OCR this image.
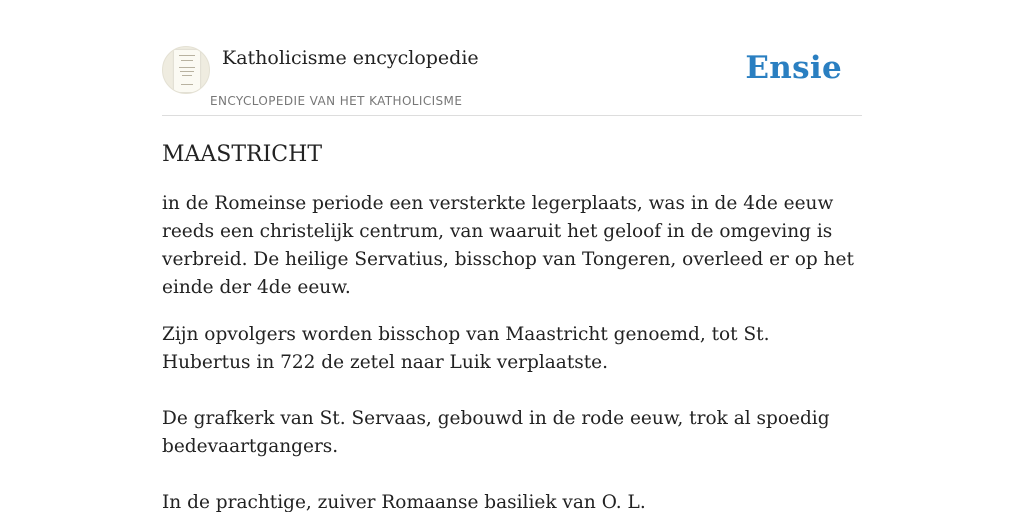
Katholicisme encyclopedie
ENCYCLOPEDIE VAN HET KATHOLICISME
Ensie
MAASTRICHT

in de Romeinse periode een versterkte legerplaats, was in de 4de eeuw reeds een christelijk centrum, van waaruit het geloof in de omgeving is verbreid. De heilige Servatius, bisschop van Tongeren, overleed er op het einde der 4de eeuw.

Zijn opvolgers worden bisschop van Maastricht genoemd, tot St. Hubertus in 722 de zetel naar Luik verplaatste.

De grafkerk van St. Servaas, gebouwd in de rode eeuw, trok al spoedig bedevaartgangers.

In de prachtige, zuiver Romaanse basiliek van O. L.
